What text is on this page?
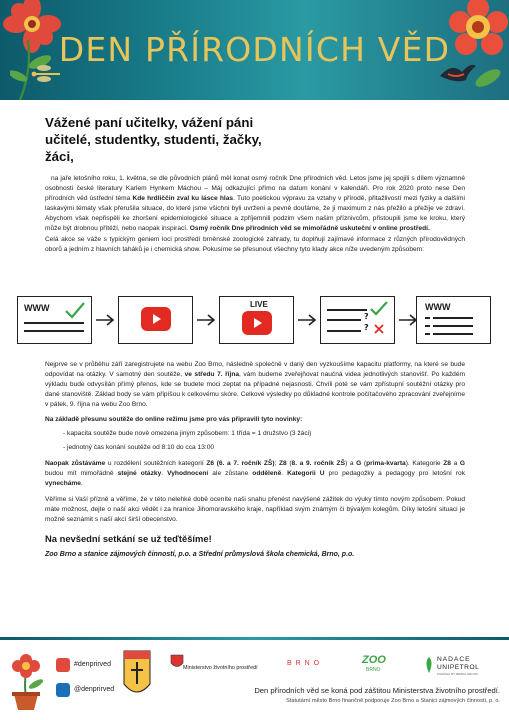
DEN PŘÍRODNÍCH VĚD
Vážené paní učitelky, vážení páni učitelé, studentky, studenti, žačky, žáci,

na jaře letošního roku, 1. května, se dle původních plánů měl konat osmý ročník Dne přírodních věd. Letos jsme jej spojili s dílem významné osobnosti české literatury Karlem Hynkem Máchou – Máj odkazující přímo na datum konání v kalendáři. Pro rok 2020 proto nese Den přírodních věd ústřední téma Kde hrdliččin zval ku lásce hlas. Tuto poetickou výpravu za vztahy v přírodě, přitažlivostí mezi fyziky a dalšími laskavými tématy však přerušila situace, do které jsme všichni byli uvrženi a pevně doufáme, že ji maximum z nás přežilo a přežije ve zdraví. Abychom však nepřispěli ke zhoršení epidemiologické situace a zpříjemnili podzim všem našim příznivcům, přistoupili jsme ke kroku, který může být drobnou přítěží, nebo naopak inspirací. Osmý ročník Dne přírodních věd se mimořádně uskuteční v online prostředí.

Celá akce se váže s typickým geniem loci prostředí brněnské zoologické zahrady, tu doplňují zajímavé informace z různých přírodovědných oborů a jedním z hlavních taháků je i chemická show. Pokusíme se přesunout všechny tyto klady akce níže uvedeným způsobem:

WWW	LIVE
?
?
WWW

Nejprve se v průběhu září zaregistrujete na webu Zoo Brno, následně společně v daný den vyzkoušíme kapacitu platformy, na které se bude odpovídat na otázky. V samotný den soutěže, ve středu 7. října, vám budeme zveřejňovat naučná videa jednotlivých stanovišť. Po každém výkladu bude odvysílán přímý přenos, kde se budete moci zeptat na případné nejasnosti. Chvíli poté se vám zpřístupní soutěžní otázky pro dané stanoviště. Základ body se vám připíšou k celkovému skóre. Celkové výsledky po důkladné kontrole počítačového zpracování zveřejníme v pátek, 9. října na webu Zoo Brno.

Na základě přesunu soutěže do online režimu jsme pro vás připravili tyto novinky:

- kapacita soutěže bude nově omezena jiným způsobem: 1 třída = 1 družstvo (3 žáci)

- jednotný čas konání soutěže od 8:10 do cca 13:00

Naopak zůstáváme u rozdělení soutěžních kategorií Z6 (6. a 7. ročník ZŠ); Z8 (8. a 9. ročník ZŠ) a G (prima-kvarta). Kategorie Z8 a G budou mít mimořádně stejné otázky. Vyhodnocení ale zůstane odděleně. Kategorii U pro pedagožky a pedagogy pro letošní rok vynecháme.

Věříme si Vaší přízně a věříme, že v této nelehké době oceníte naši snahu přenést navýšené zážitek do výuky tímto novým způsobem. Pokud máte možnost, dejte o naší akci vědět i za hranice Jihomoravského kraje, například svým známým či bývalým kolegům. Díky letošní situaci je možné seznámit s naší akcí širší obecenstvo.

Na nevšední setkání se už teďtěšíme!

Zoo Brno a stanice zájmových činností, p.o. a Střední průmyslová škola chemická, Brno, p.o.

#denprirved
@denprirved
Ministerstvo životního prostředí
B R N O	ZOO
BRNO
NADACE
UNIPETROL
POMÁHÁ MY BRZDA GROUP
Den přírodních věd se koná pod záštitou Ministerstva životního prostředí.
Statutární město Brno finančně podporuje Zoo Brno a Stanici zájmových činností, p. o.
